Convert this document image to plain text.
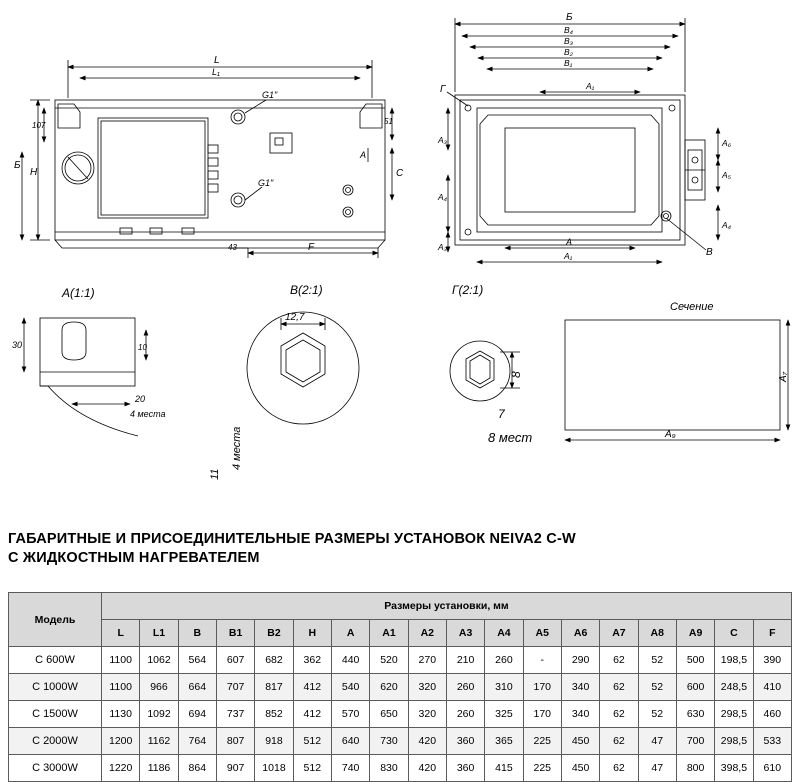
G1"
G1"
L
L₁
H
Б
107	51
C
A
F
43
Б
В₄
В₃
В₂
В₁
A₁
Г
В
A
A₁
A₃
A₄
A₃
A₆
A₅
A₄
A(1:1)
30	10
20
4 места
В(2:1)
12,7
11
4 места
Г(2:1)
8
7
8 мест
Сечение
A₇
A₉
ГАБАРИТНЫЕ И ПРИСОЕДИНИТЕЛЬНЫЕ РАЗМЕРЫ УСТАНОВОК NEIVA2 C-W
С ЖИДКОСТНЫМ НАГРЕВАТЕЛЕМ
Модель	Размеры установки, мм																	
	L	L1	B	B1	B2	H	A	A1	A2	A3	A4	A5	A6	A7	A8	A9	C	F
C 600W	1100	1062	564	607	682	362	440	520	270	210	260	-	290	62	52	500	198,5	390
C 1000W	1100	966	664	707	817	412	540	620	320	260	310	170	340	62	52	600	248,5	410
C 1500W	1130	1092	694	737	852	412	570	650	320	260	325	170	340	62	52	630	298,5	460
C 2000W	1200	1162	764	807	918	512	640	730	420	360	365	225	450	62	47	700	298,5	533
C 3000W	1220	1186	864	907	1018	512	740	830	420	360	415	225	450	62	47	800	398,5	610
